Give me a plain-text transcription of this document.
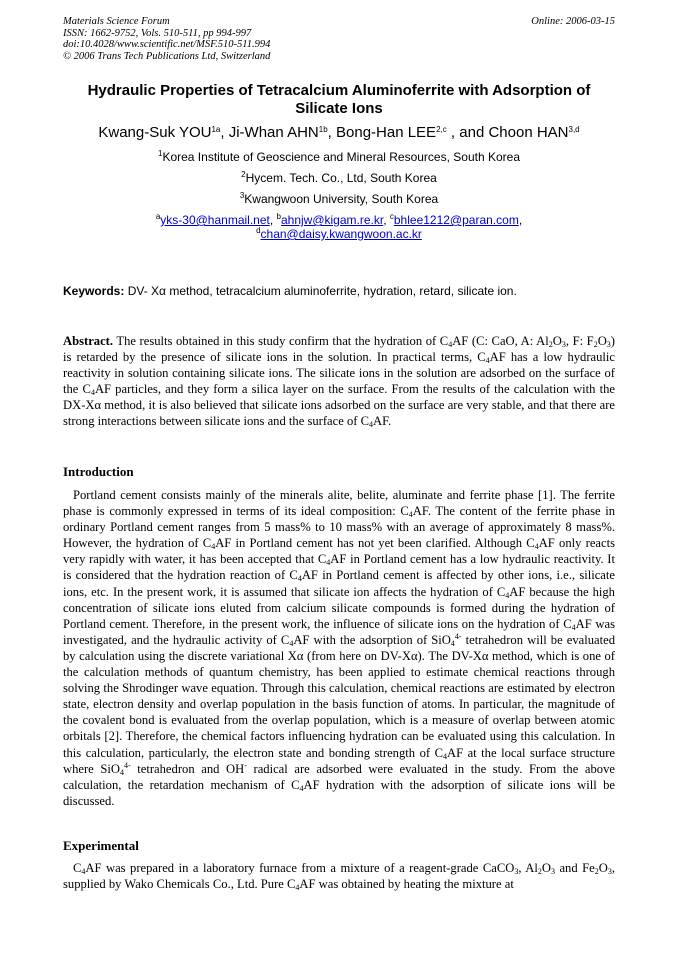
Materials Science Forum
ISSN: 1662-9752, Vols. 510-511, pp 994-997
doi:10.4028/www.scientific.net/MSF.510-511.994
© 2006 Trans Tech Publications Ltd, Switzerland
Online: 2006-03-15
Hydraulic Properties of Tetracalcium Aluminoferrite with Adsorption of Silicate Ions
Kwang-Suk $YOU^{1a}$, Ji-Whan $AHN^{1b}$, Bong-Han LEE$^{2,c}$ , and Choon HAN$^{3,d}$
$^1$Korea Institute of Geoscience and Mineral Resources, South Korea
$^2$Hycem. Tech. Co., Ltd, South Korea
$^3$Kwangwoon University, South Korea
$^a$yks-30@hanmail.net, $^b$ahnjw@kigam.re.kr, $^c$bhlee1212@paran.com,
$^d$chan@daisy.kwangwoon.ac.kr
Keywords: DV- Xα method, tetracalcium aluminoferrite, hydration, retard, silicate ion.

Abstract. The results obtained in this study confirm that the hydration of $C_4AF$ (C: CaO, A: $Al_2O_3$, F: $F_2O_3$) is retarded by the presence of silicate ions in the solution. In practical terms, $C_4AF$ has a low hydraulic reactivity in solution containing silicate ions. The silicate ions in the solution are adsorbed on the surface of the $C_4AF$ particles, and they form a silica layer on the surface. From the results of the calculation with the DX-Xα method, it is also believed that silicate ions adsorbed on the surface are very stable, and that there are strong interactions between silicate ions and the surface of $C_4AF$.

Introduction

Portland cement consists mainly of the minerals alite, belite, aluminate and ferrite phase [1]. The ferrite phase is commonly expressed in terms of its ideal composition: $C_4AF$. The content of the ferrite phase in ordinary Portland cement ranges from 5 mass% to 10 mass% with an average of approximately 8 mass%. However, the hydration of $C_4AF$ in Portland cement has not yet been clarified. Although $C_4AF$ only reacts very rapidly with water, it has been accepted that $C_4AF$ in Portland cement has a low hydraulic reactivity. It is considered that the hydration reaction of $C_4AF$ in Portland cement is affected by other ions, i.e., silicate ions, etc. In the present work, it is assumed that silicate ion affects the hydration of $C_4AF$ because the high concentration of silicate ions eluted from calcium silicate compounds is formed during the hydration of Portland cement. Therefore, in the present work, the influence of silicate ions on the hydration of $C_4AF$ was investigated, and the hydraulic activity of $C_4AF$ with the adsorption of SiO$_4^{4-}$ tetrahedron will be evaluated by calculation using the discrete variational Xα (from here on DV-Xα). The DV-Xα method, which is one of the calculation methods of quantum chemistry, has been applied to estimate chemical reactions through solving the Shrodinger wave equation. Through this calculation, chemical reactions are estimated by electron state, electron density and overlap population in the basis function of atoms. In particular, the magnitude of the covalent bond is evaluated from the overlap population, which is a measure of overlap between atomic orbitals [2]. Therefore, the chemical factors influencing hydration can be evaluated using this calculation. In this calculation, particularly, the electron state and bonding strength of $C_4AF$ at the local surface structure where SiO$_4^{4-}$ tetrahedron and OH- radical are adsorbed were evaluated in the study. From the above calculation, the retardation mechanism of $C_4AF$ hydration with the adsorption of silicate ions will be discussed.

Experimental

$C_4AF$ was prepared in a laboratory furnace from a mixture of a reagent-grade CaCO$_3$, $Al_2O_3$ and $Fe_2O_3$, supplied by Wako Chemicals Co., Ltd. Pure $C_4AF$ was obtained by heating the mixture at
